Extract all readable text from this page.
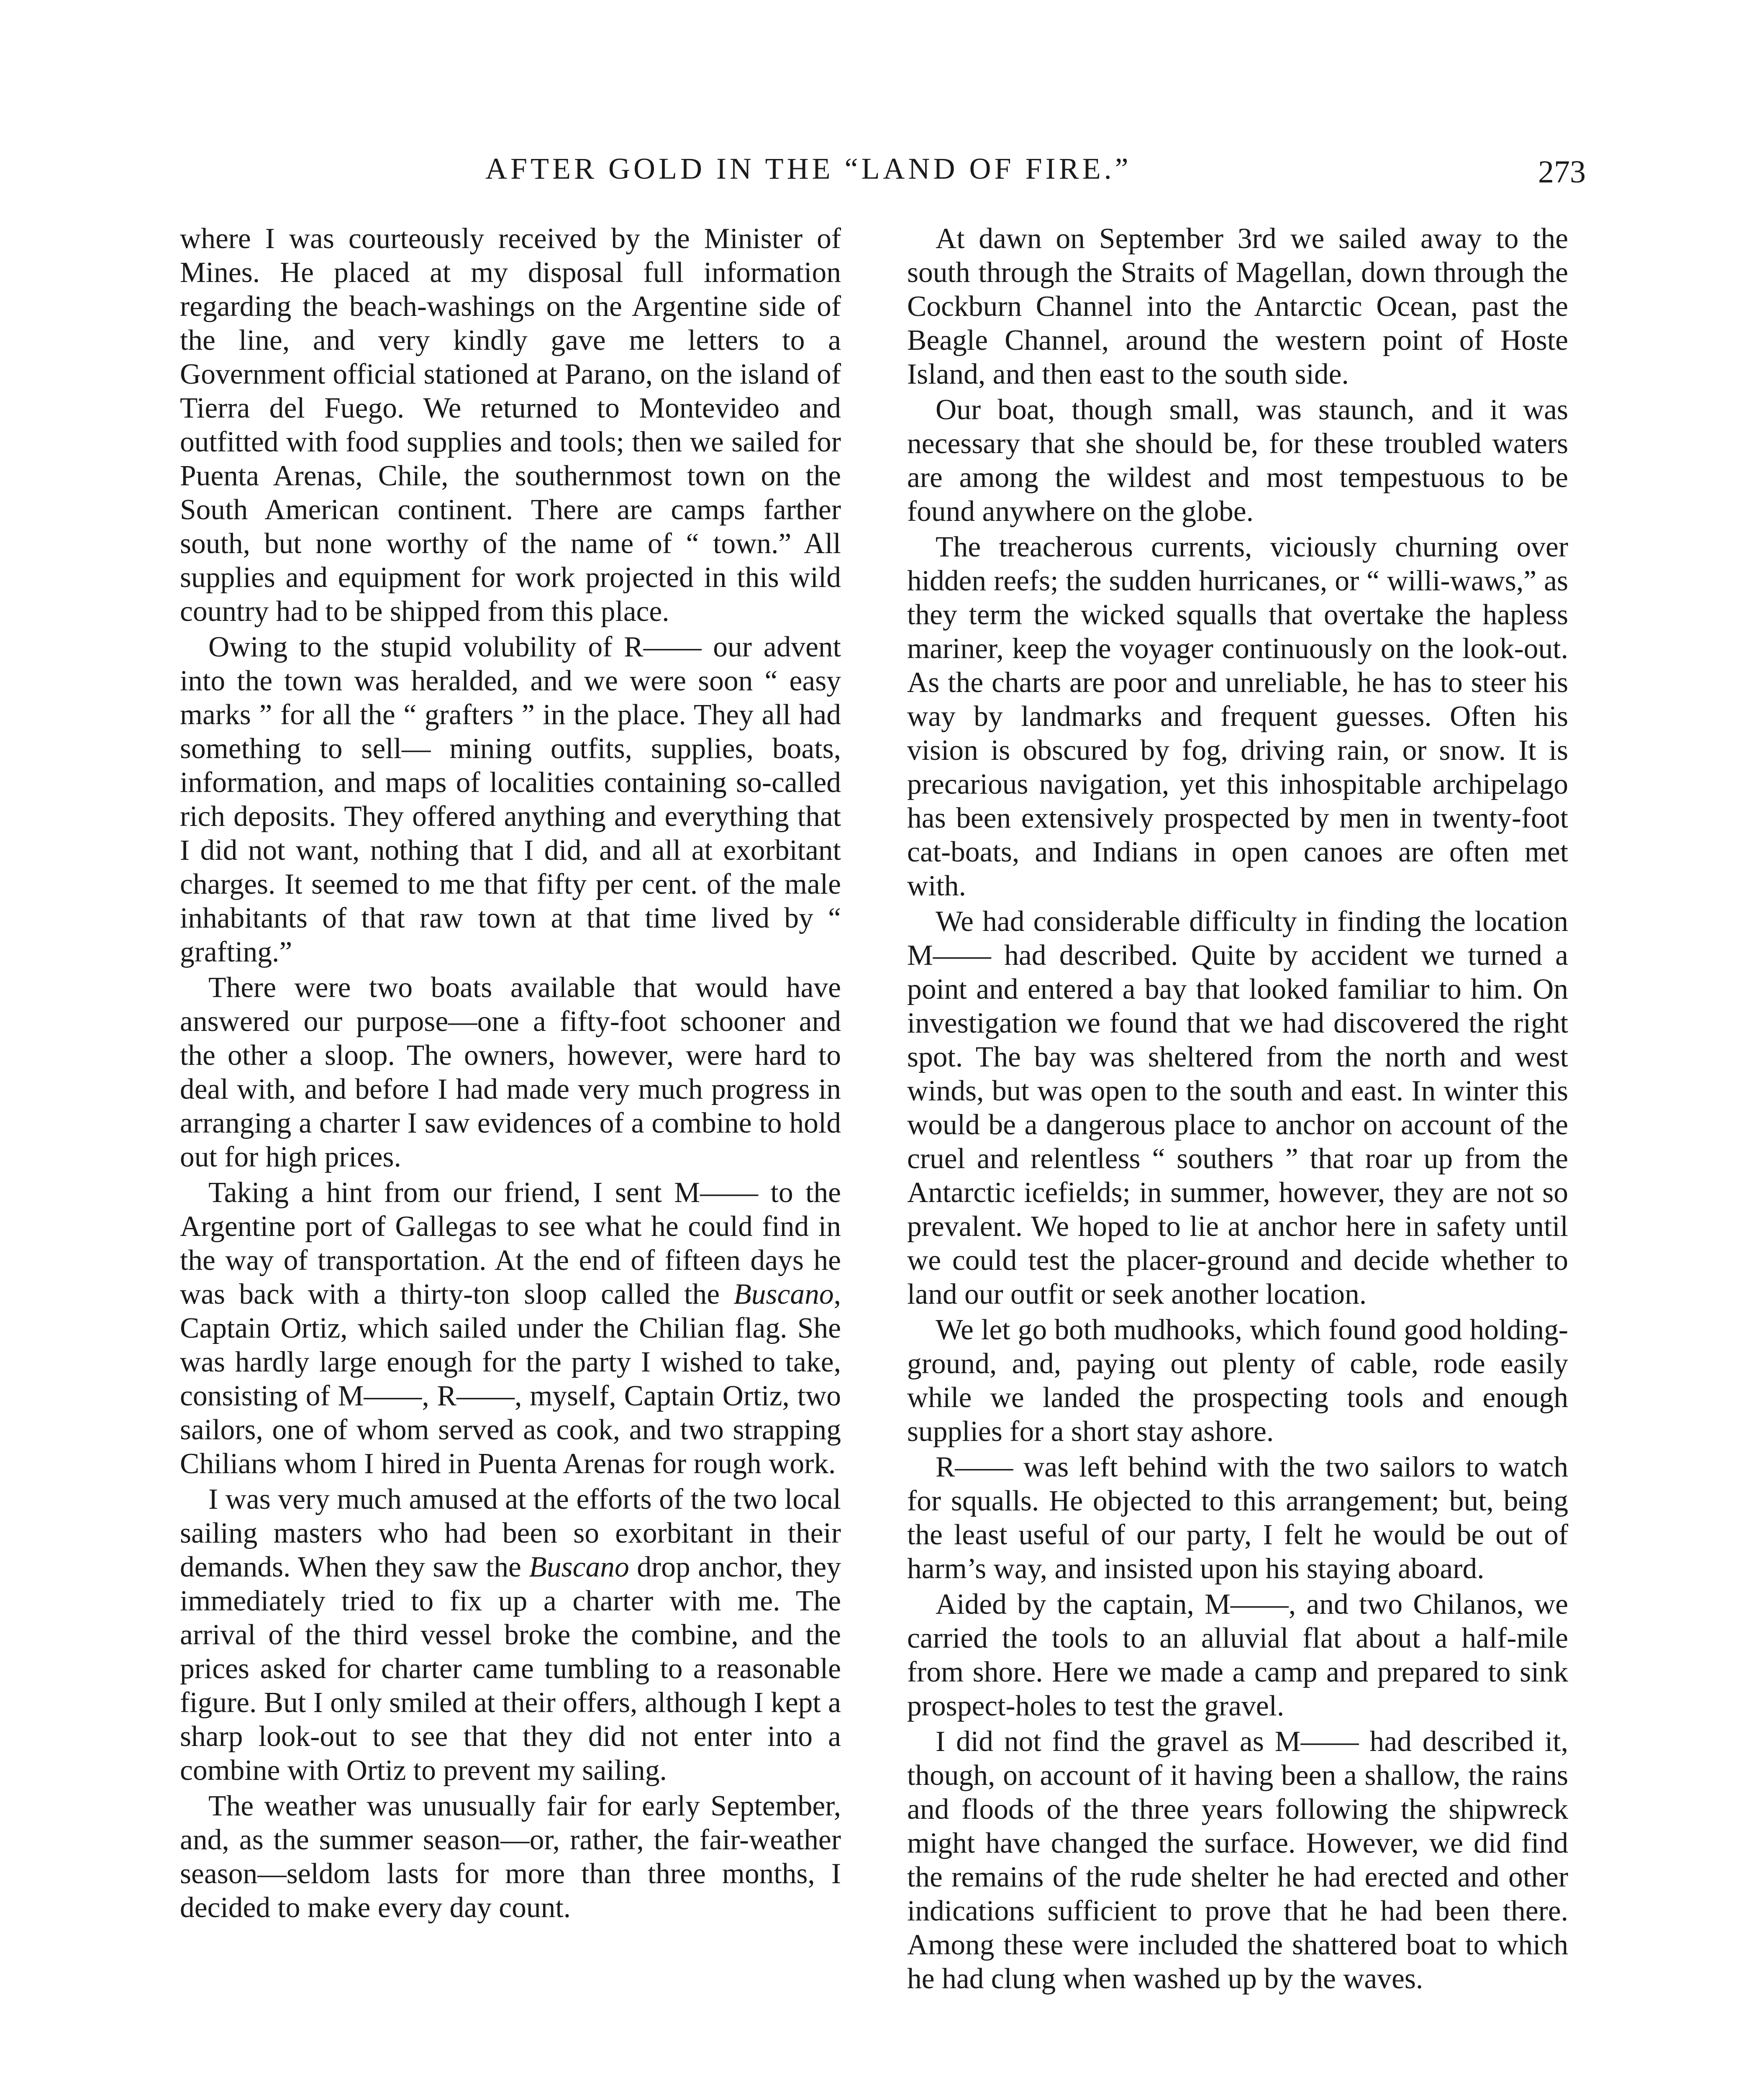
AFTER GOLD IN THE “LAND OF FIRE.”	273

where I was courteously received by the Minister of Mines. He placed at my disposal full information regarding the beach-washings on the Argentine side of the line, and very kindly gave me letters to a Government official stationed at Parano, on the island of Tierra del Fuego. We returned to Montevideo and outfitted with food supplies and tools; then we sailed for Puenta Arenas, Chile, the southernmost town on the South American continent. There are camps farther south, but none worthy of the name of “ town.” All supplies and equipment for work projected in this wild country had to be shipped from this place.

Owing to the stupid volubility of R—— our advent into the town was heralded, and we were soon “ easy marks ” for all the “ grafters ” in the place. They all had something to sell— mining outfits, supplies, boats, information, and maps of localities containing so-called rich deposits. They offered anything and everything that I did not want, nothing that I did, and all at exorbitant charges. It seemed to me that fifty per cent. of the male inhabitants of that raw town at that time lived by “ grafting.”

There were two boats available that would have answered our purpose—one a fifty-foot schooner and the other a sloop. The owners, however, were hard to deal with, and before I had made very much progress in arranging a charter I saw evidences of a combine to hold out for high prices.

Taking a hint from our friend, I sent M—— to the Argentine port of Gallegas to see what he could find in the way of transportation. At the end of fifteen days he was back with a thirty-ton sloop called the Buscano, Captain Ortiz, which sailed under the Chilian flag. She was hardly large enough for the party I wished to take, consisting of M——, R——, myself, Captain Ortiz, two sailors, one of whom served as cook, and two strapping Chilians whom I hired in Puenta Arenas for rough work.

I was very much amused at the efforts of the two local sailing masters who had been so exorbitant in their demands. When they saw the Buscano drop anchor, they immediately tried to fix up a charter with me. The arrival of the third vessel broke the combine, and the prices asked for charter came tumbling to a reasonable figure. But I only smiled at their offers, although I kept a sharp look-out to see that they did not enter into a combine with Ortiz to prevent my sailing.

The weather was unusually fair for early September, and, as the summer season—or, rather, the fair-weather season—seldom lasts for more than three months, I decided to make every day count.

At dawn on September 3rd we sailed away to the south through the Straits of Magellan, down through the Cockburn Channel into the Antarctic Ocean, past the Beagle Channel, around the western point of Hoste Island, and then east to the south side.

Our boat, though small, was staunch, and it was necessary that she should be, for these troubled waters are among the wildest and most tempestuous to be found anywhere on the globe.

The treacherous currents, viciously churning over hidden reefs; the sudden hurricanes, or “ willi-waws,” as they term the wicked squalls that overtake the hapless mariner, keep the voyager continuously on the look-out. As the charts are poor and unreliable, he has to steer his way by landmarks and frequent guesses. Often his vision is obscured by fog, driving rain, or snow. It is precarious navigation, yet this inhospitable archipelago has been extensively prospected by men in twenty-foot cat-boats, and Indians in open canoes are often met with.

We had considerable difficulty in finding the location M—— had described. Quite by accident we turned a point and entered a bay that looked familiar to him. On investigation we found that we had discovered the right spot. The bay was sheltered from the north and west winds, but was open to the south and east. In winter this would be a dangerous place to anchor on account of the cruel and relentless “ southers ” that roar up from the Antarctic icefields; in summer, however, they are not so prevalent. We hoped to lie at anchor here in safety until we could test the placer-ground and decide whether to land our outfit or seek another location.

We let go both mudhooks, which found good holding-ground, and, paying out plenty of cable, rode easily while we landed the prospecting tools and enough supplies for a short stay ashore.

R—— was left behind with the two sailors to watch for squalls. He objected to this arrangement; but, being the least useful of our party, I felt he would be out of harm’s way, and insisted upon his staying aboard.

Aided by the captain, M——, and two Chilanos, we carried the tools to an alluvial flat about a half-mile from shore. Here we made a camp and prepared to sink prospect-holes to test the gravel.

I did not find the gravel as M—— had described it, though, on account of it having been a shallow, the rains and floods of the three years following the shipwreck might have changed the surface. However, we did find the remains of the rude shelter he had erected and other indications sufficient to prove that he had been there. Among these were included the shattered boat to which he had clung when washed up by the waves.
